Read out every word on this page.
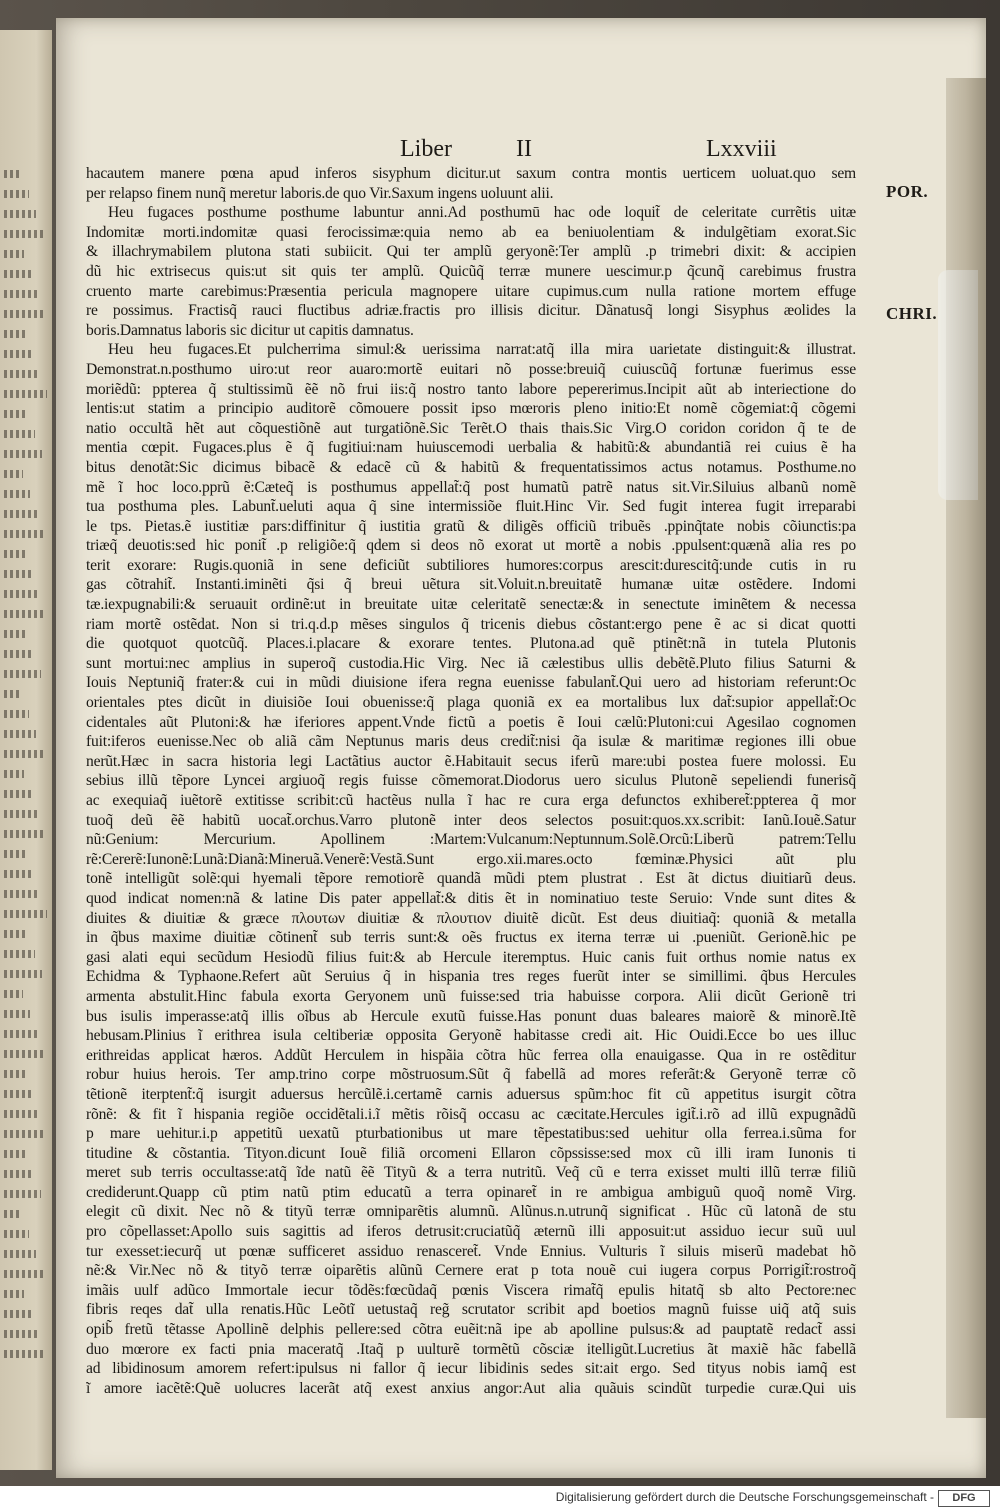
Liber	II	Lxxviii
POR.
CHRI.
hacautem manere pœna apud inferos sisyphum dicitur.ut saxum contra montis uerticem uoluat.quo sem
per relapso finem nunq̃ meretur laboris.de quo Vir.Saxum ingens uoluunt alii.
Heu fugaces posthume posthume labuntur anni.Ad posthumū hac ode loquit̃ de celeritate currẽtis uitæ
Indomitæ morti.indomitæ quasi ferocissimæ:quia nemo ab ea beniuolentiam & indulgẽtiam exorat.Sic
& illachrymabilem plutona stati subiicit. Qui ter amplũ geryonẽ:Ter amplũ .p trimebri dixit: & accipien
dũ hic extrisecus quis:ut sit quis ter amplũ. Quicũq̃ terræ munere uescimur.p q̃cunq̃ carebimus frustra
cruento marte carebimus:Præsentia pericula magnopere uitare cupimus.cum nulla ratione mortem effuge
re possimus. Fractisq̃ rauci fluctibus adriæ.fractis pro illisis dicitur. Dãnatusq̃ longi Sisyphus æolides la
boris.Damnatus laboris sic dicitur ut capitis damnatus.
Heu heu fugaces.Et pulcherrima simul:& uerissima narrat:atq̃ illa mira uarietate distinguit:& illustrat.
Demonstrat.n.posthumo uiro:ut reor auaro:mortẽ euitari nõ posse:breuiq̃ cuiuscũq̃ fortunæ fuerimus esse
moriẽdũ: ppterea q̃ stultissimũ ẽẽ nõ frui iis:q̃ nostro tanto labore pepererimus.Incipit aũt ab interiectione do
lentis:ut statim a principio auditorẽ cõmouere possit ipso mœroris pleno initio:Et nomẽ cõgemiat:q̃ cõgemi
natio occultã hẽt aut cõquestiõnẽ aut turgatiõnẽ.Sic Terẽt.O thais thais.Sic Virg.O coridon coridon q̃ te de
mentia cœpit. Fugaces.plus ẽ q̃ fugitiui:nam huiuscemodi uerbalia & habitũ:& abundantiã rei cuius ẽ ha
bitus denotãt:Sic dicimus bibacẽ & edacẽ cũ & habitũ & frequentatissimos actus notamus. Posthume.no
mẽ ĩ hoc loco.pprũ ẽ:Cæteq̃ is posthumus appellat̃:q̃ post humatũ patrẽ natus sit.Vir.Siluius albanũ nomẽ
tua posthuma ples. Labunt̃.ueluti aqua q̃ sine intermissiõe fluit.Hinc Vir. Sed fugit interea fugit irreparabi
le tps. Pietas.ẽ iustitiæ pars:diffinitur q̃ iustitia gratũ & diligẽs officiũ tribuẽs .ppinq̃tate nobis cõiunctis:pa
triæq̃ deuotis:sed hic ponit̃ .p religiõe:q̃ qdem si deos nõ exorat ut mortẽ a nobis .ppulsent:quænã alia res po
terit exorare: Rugis.quoniã in sene deficiũt subtiliores humores:corpus arescit:durescitq̃:unde cutis in ru
gas cõtrahit̃. Instanti.iminẽti q̃si q̃ breui uẽtura sit.Voluit.n.breuitatẽ humanæ uitæ ostẽdere. Indomi
tæ.iexpugnabili:& seruauit ordinẽ:ut in breuitate uitæ celeritatẽ senectæ:& in senectute iminẽtem & necessa
riam mortẽ ostẽdat. Non si tri.q.d.p mẽses singulos q̃ tricenis diebus cõstant:ergo pene ẽ ac si dicat quotti
die quotquot quotcũq̃. Places.i.placare & exorare tentes. Plutona.ad quẽ ptinẽt:nã in tutela Plutonis
sunt mortui:nec amplius in superoq̃ custodia.Hic Virg. Nec iã cælestibus ullis debẽtẽ.Pluto filius Saturni &
Iouis Neptuniq̃ frater:& cui in mũdi diuisione ifera regna euenisse fabulant̃.Qui uero ad historiam referunt:Oc
orientales ptes dicũt in diuisiõe Ioui obuenisse:q̃ plaga quoniã ex ea mortalibus lux dat̃:supior appellat̃:Oc
cidentales aũt Plutoni:& hæ iferiores appent.Vnde fictũ a poetis ẽ Ioui cælũ:Plutoni:cui Agesilao cognomen
fuit:iferos euenisse.Nec ob aliã cãm Neptunus maris deus credit̃:nisi q̃a isulæ & maritimæ regiones illi obue
nerũt.Hæc in sacra historia legi Lactãtius auctor ẽ.Habitauit secus iferũ mare:ubi postea fuere molossi. Eu
sebius illũ tẽpore Lyncei argiuoq̃ regis fuisse cõmemorat.Diodorus uero siculus Plutonẽ sepeliendi funerisq̃
ac exequiaq̃ iuẽtorẽ extitisse scribit:cũ hactẽus nulla ĩ hac re cura erga defunctos exhiberet̃:ppterea q̃ mor
tuoq̃ deũ ẽẽ habitũ uocat̃.orchus.Varro plutonẽ inter deos selectos posuit:quos.xx.scribit: Ianũ.Iouẽ.Satur
nũ:Genium: Mercurium. Apollinem :Martem:Vulcanum:Neptunnum.Solẽ.Orcũ:Liberũ patrem:Tellu
rẽ:Cererẽ:Iunonẽ:Lunã:Dianã:Mineruã.Venerẽ:Vestã.Sunt ergo.xii.mares.octo fœminæ.Physici aũt plu
tonẽ intelligũt solẽ:qui hyemali tẽpore remotiorẽ quandã mũdi ptem plustrat . Est ãt dictus diuitiarũ deus.
quod indicat nomen:nã & latine Dis pater appellat̃:& ditis ẽt in nominatiuo teste Seruio: Vnde sunt dites &
diuites & diuitiæ & græce πλουτων diuitiæ & πλουτιον diuitẽ dicũt. Est deus diuitiaq̃: quoniã & metalla
in q̃bus maxime diuitiæ cõtinent̃ sub terris sunt:& oẽs fructus ex iterna terræ ui .pueniũt. Gerionẽ.hic pe
gasi alati equi secũdum Hesiodũ filius fuit:& ab Hercule iteremptus. Huic canis fuit orthus nomie natus ex
Echidma & Typhaone.Refert aũt Seruius q̃ in hispania tres reges fuerũt inter se simillimi. q̃bus Hercules
armenta abstulit.Hinc fabula exorta Geryonem unũ fuisse:sed tria habuisse corpora. Alii dicũt Gerionẽ tri
bus isulis imperasse:atq̃ illis oĩbus ab Hercule exutũ fuisse.Has ponunt duas baleares maiorẽ & minorẽ.Itẽ
hebusam.Plinius ĩ erithrea isula celtiberiæ opposita Geryonẽ habitasse credi ait. Hic Ouidi.Ecce bo ues illuc
erithreidas applicat hæros. Addũt Herculem in hispãia cõtra hũc ferrea olla enauigasse. Qua in re ostẽditur
robur huius herois. Ter amp.trino corpe mõstruosum.Sũt q̃ fabellã ad mores referãt:& Geryonẽ terræ cõ
tẽtionẽ iterptent̃:q̃ isurgit aduersus hercũlẽ.i.certamẽ carnis aduersus spũm:hoc fit cũ appetitus isurgit cõtra
rõnẽ: & fit ĩ hispania regiõe occidẽtali.i.ĩ mẽtis rõisq̃ occasu ac cæcitate.Hercules igit̃.i.rõ ad illũ expugnãdũ
p mare uehitur.i.p appetitũ uexatũ pturbationibus ut mare tẽpestatibus:sed uehitur olla ferrea.i.sũma for
titudine & cõstantia. Tityon.dicunt Iouẽ filiã orcomeni Ellaron cõpssisse:sed mox cũ illi iram Iunonis ti
meret sub terris occultasse:atq̃ ĩde natũ ẽẽ Tityũ & a terra nutritũ. Veq̃ cũ e terra exisset multi illũ terræ filiũ
crediderunt.Quapp cũ ptim natũ ptim educatũ a terra opinaret̃ in re ambigua ambiguũ quoq̃ nomẽ Virg.
elegit cũ dixit. Nec nõ & tityũ terræ omniparẽtis alumnũ. Alũnus.n.utrunq̃ significat . Hũc cũ latonã de stu
pro cõpellasset:Apollo suis sagittis ad iferos detrusit:cruciatũq̃ æternũ illi apposuit:ut assiduo iecur suũ uul
tur exesset:iecurq̃ ut pœnæ sufficeret assiduo renasceret̃. Vnde Ennius. Vulturis ĩ siluis miserũ madebat hõ
nẽ:& Vir.Nec nõ & tityõ terræ oiparẽtis alũnũ Cernere erat p tota nouẽ cui iugera corpus Porrigit̃:rostroq̃
imãis uulf adũco Immortale iecur tõdẽs:fœcũdaq̃ pœnis Viscera rimat̃q̃ epulis hitatq̃ sb alto Pectore:nec
fibris reqes dat̃ ulla renatis.Hũc Leõtĩ uetustaq̃ reg̃ scrutator scribit apd boetios magnũ fuisse uiq̃ atq̃ suis
opib̃ fretũ tẽtasse Apollinẽ delphis pellere:sed cõtra euẽit:nã ipe ab apolline pulsus:& ad pauptatẽ redact̃ assi
duo mœrore ex facti pnia maceratq̃ .Itaq̃ p uulturẽ tormẽtũ cõsciæ itelligũt.Lucretius ãt maxiẽ hãc fabellã
ad libidinosum amorem refert:ipulsus ni fallor q̃ iecur libidinis sedes sit:ait ergo. Sed tityus nobis iamq̃ est
ĩ amore iacẽtẽ:Quẽ uolucres lacerãt atq̃ exest anxius angor:Aut alia quãuis scindũt turpedie curæ.Qui uis
Digitalisierung gefördert durch die Deutsche Forschungsgemeinschaft -	DFG
